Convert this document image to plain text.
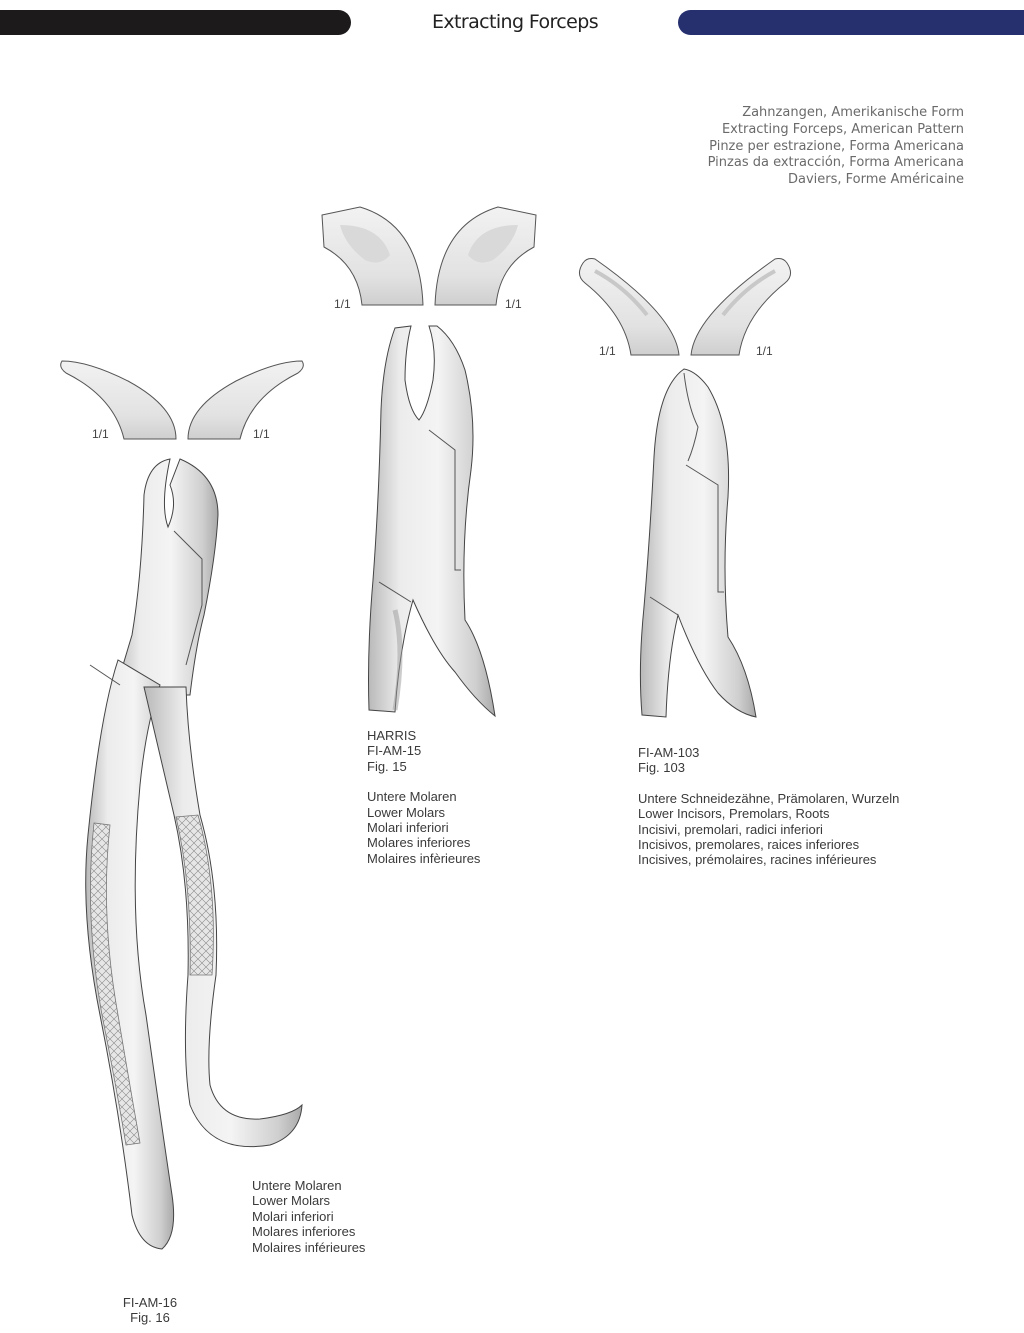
Extracting Forceps
Zahnzangen, Amerikanische Form
Extracting Forceps, American Pattern
Pinze per estrazione, Forma Americana
Pinzas da extracción, Forma Americana
Daviers, Forme Américaine
1/1	1/1
HARRIS
FI-AM-15
Fig. 15
Untere Molaren
Lower Molars
Molari inferiori
Molares inferiores
Molaires infèrieures
1/1	1/1
FI-AM-103
Fig. 103
Untere Schneidezähne, Prämolaren, Wurzeln
Lower Incisors, Premolars, Roots
Incisivi, premolari, radici inferiori
Incisivos, premolares, raices inferiores
Incisives, prémolaires, racines inférieures
1/1	1/1
Untere Molaren
Lower Molars
Molari inferiori
Molares inferiores
Molaires inférieures
FI-AM-16
Fig. 16
